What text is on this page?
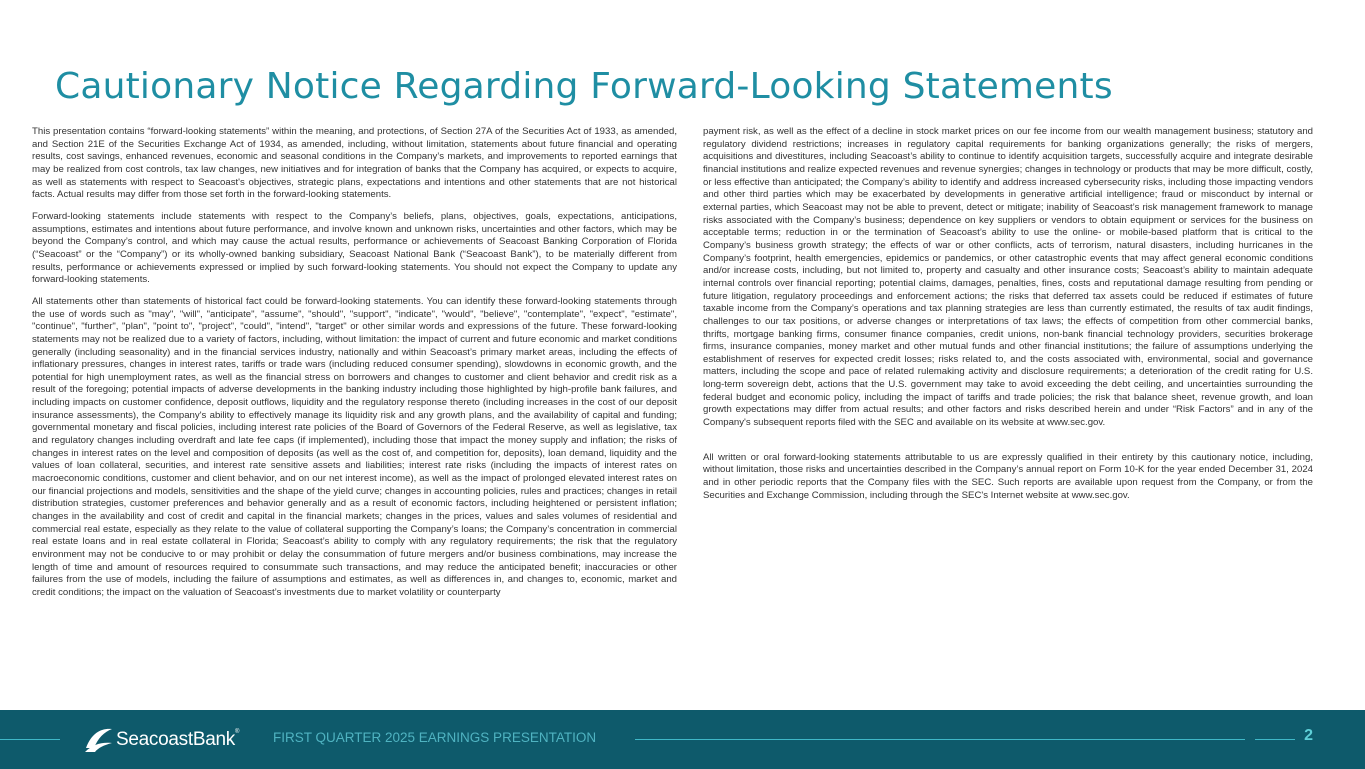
Cautionary Notice Regarding Forward-Looking Statements

This presentation contains “forward-looking statements” within the meaning, and protections, of Section 27A of the Securities Act of 1933, as amended, and Section 21E of the Securities Exchange Act of 1934, as amended, including, without limitation, statements about future financial and operating results, cost savings, enhanced revenues, economic and seasonal conditions in the Company’s markets, and improvements to reported earnings that may be realized from cost controls, tax law changes, new initiatives and for integration of banks that the Company has acquired, or expects to acquire, as well as statements with respect to Seacoast's objectives, strategic plans, expectations and intentions and other statements that are not historical facts. Actual results may differ from those set forth in the forward-looking statements.

Forward-looking statements include statements with respect to the Company’s beliefs, plans, objectives, goals, expectations, anticipations, assumptions, estimates and intentions about future performance, and involve known and unknown risks, uncertainties and other factors, which may be beyond the Company’s control, and which may cause the actual results, performance or achievements of Seacoast Banking Corporation of Florida (“Seacoast” or the “Company”) or its wholly-owned banking subsidiary, Seacoast National Bank (“Seacoast Bank”), to be materially different from results, performance or achievements expressed or implied by such forward-looking statements. You should not expect the Company to update any forward-looking statements.

All statements other than statements of historical fact could be forward-looking statements. You can identify these forward-looking statements through the use of words such as "may", "will", "anticipate", "assume", "should", "support", "indicate", "would", "believe", "contemplate", "expect", "estimate", "continue", "further", "plan", "point to", "project", "could", "intend", "target" or other similar words and expressions of the future. These forward-looking statements may not be realized due to a variety of factors, including, without limitation: the impact of current and future economic and market conditions generally (including seasonality) and in the financial services industry, nationally and within Seacoast’s primary market areas, including the effects of inflationary pressures, changes in interest rates, tariffs or trade wars (including reduced consumer spending), slowdowns in economic growth, and the potential for high unemployment rates, as well as the financial stress on borrowers and changes to customer and client behavior and credit risk as a result of the foregoing; potential impacts of adverse developments in the banking industry including those highlighted by high-profile bank failures, and including impacts on customer confidence, deposit outflows, liquidity and the regulatory response thereto (including increases in the cost of our deposit insurance assessments), the Company's ability to effectively manage its liquidity risk and any growth plans, and the availability of capital and funding; governmental monetary and fiscal policies, including interest rate policies of the Board of Governors of the Federal Reserve, as well as legislative, tax and regulatory changes including overdraft and late fee caps (if implemented), including those that impact the money supply and inflation; the risks of changes in interest rates on the level and composition of deposits (as well as the cost of, and competition for, deposits), loan demand, liquidity and the values of loan collateral, securities, and interest rate sensitive assets and liabilities; interest rate risks (including the impacts of interest rates on macroeconomic conditions, customer and client behavior, and on our net interest income), as well as the impact of prolonged elevated interest rates on our financial projections and models, sensitivities and the shape of the yield curve; changes in accounting policies, rules and practices; changes in retail distribution strategies, customer preferences and behavior generally and as a result of economic factors, including heightened or persistent inflation; changes in the availability and cost of credit and capital in the financial markets; changes in the prices, values and sales volumes of residential and commercial real estate, especially as they relate to the value of collateral supporting the Company’s loans; the Company’s concentration in commercial real estate loans and in real estate collateral in Florida; Seacoast’s ability to comply with any regulatory requirements; the risk that the regulatory environment may not be conducive to or may prohibit or delay the consummation of future mergers and/or business combinations, may increase the length of time and amount of resources required to consummate such transactions, and may reduce the anticipated benefit; inaccuracies or other failures from the use of models, including the failure of assumptions and estimates, as well as differences in, and changes to, economic, market and credit conditions; the impact on the valuation of Seacoast’s investments due to market volatility or counterparty

payment risk, as well as the effect of a decline in stock market prices on our fee income from our wealth management business; statutory and regulatory dividend restrictions; increases in regulatory capital requirements for banking organizations generally; the risks of mergers, acquisitions and divestitures, including Seacoast’s ability to continue to identify acquisition targets, successfully acquire and integrate desirable financial institutions and realize expected revenues and revenue synergies; changes in technology or products that may be more difficult, costly, or less effective than anticipated; the Company’s ability to identify and address increased cybersecurity risks, including those impacting vendors and other third parties which may be exacerbated by developments in generative artificial intelligence; fraud or misconduct by internal or external parties, which Seacoast may not be able to prevent, detect or mitigate; inability of Seacoast’s risk management framework to manage risks associated with the Company’s business; dependence on key suppliers or vendors to obtain equipment or services for the business on acceptable terms; reduction in or the termination of Seacoast’s ability to use the online- or mobile-based platform that is critical to the Company’s business growth strategy; the effects of war or other conflicts, acts of terrorism, natural disasters, including hurricanes in the Company’s footprint, health emergencies, epidemics or pandemics, or other catastrophic events that may affect general economic conditions and/or increase costs, including, but not limited to, property and casualty and other insurance costs; Seacoast’s ability to maintain adequate internal controls over financial reporting; potential claims, damages, penalties, fines, costs and reputational damage resulting from pending or future litigation, regulatory proceedings and enforcement actions; the risks that deferred tax assets could be reduced if estimates of future taxable income from the Company’s operations and tax planning strategies are less than currently estimated, the results of tax audit findings, challenges to our tax positions, or adverse changes or interpretations of tax laws; the effects of competition from other commercial banks, thrifts, mortgage banking firms, consumer finance companies, credit unions, non-bank financial technology providers, securities brokerage firms, insurance companies, money market and other mutual funds and other financial institutions; the failure of assumptions underlying the establishment of reserves for expected credit losses; risks related to, and the costs associated with, environmental, social and governance matters, including the scope and pace of related rulemaking activity and disclosure requirements; a deterioration of the credit rating for U.S. long-term sovereign debt, actions that the U.S. government may take to avoid exceeding the debt ceiling, and uncertainties surrounding the federal budget and economic policy, including the impact of tariffs and trade policies; the risk that balance sheet, revenue growth, and loan growth expectations may differ from actual results; and other factors and risks described herein and under “Risk Factors” and in any of the Company's subsequent reports filed with the SEC and available on its website at www.sec.gov.

All written or oral forward-looking statements attributable to us are expressly qualified in their entirety by this cautionary notice, including, without limitation, those risks and uncertainties described in the Company’s annual report on Form 10-K for the year ended December 31, 2024 and in other periodic reports that the Company files with the SEC. Such reports are available upon request from the Company, or from the Securities and Exchange Commission, including through the SEC's Internet website at www.sec.gov.

SeacoastBank®	FIRST QUARTER 2025 EARNINGS PRESENTATION	2
